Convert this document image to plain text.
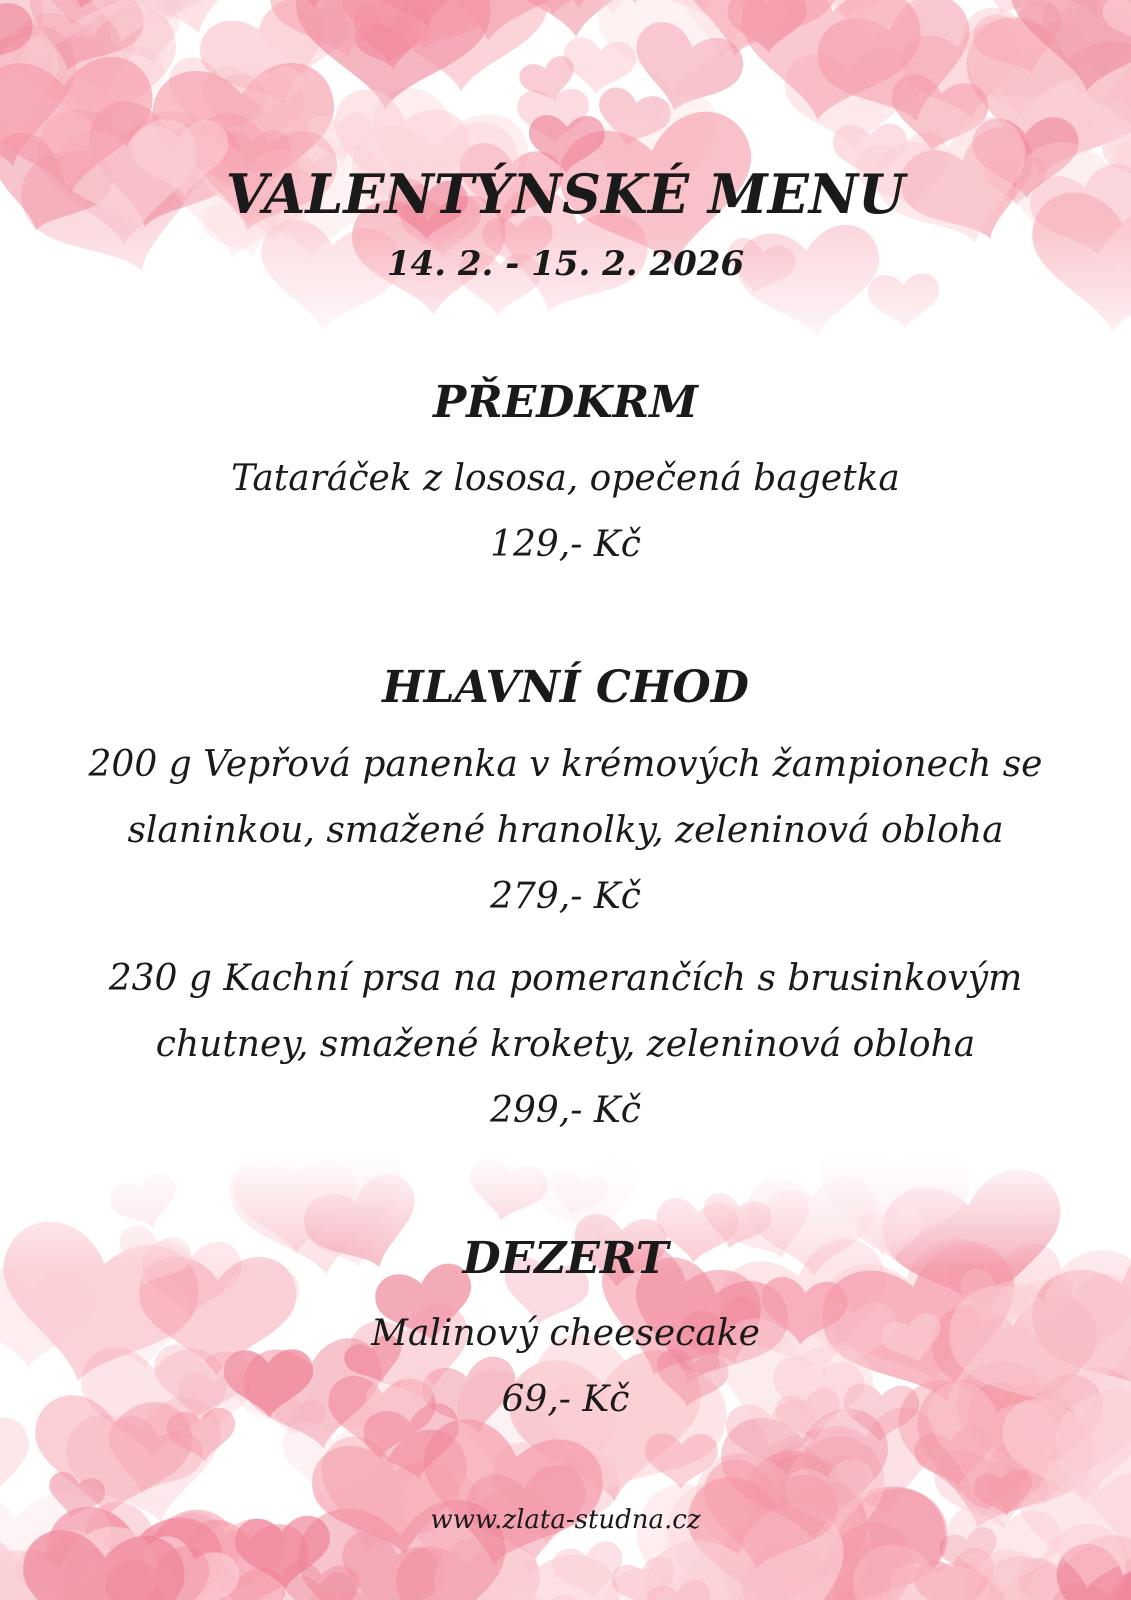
VALENTÝNSKÉ MENU
14. 2. - 15. 2. 2026
PŘEDKRM
Tataráček z lososa, opečená bagetka
129,- Kč
HLAVNÍ CHOD
200 g Vepřová panenka v krémových žampionech se
slaninkou, smažené hranolky, zeleninová obloha
279,- Kč
230 g Kachní prsa na pomerančích s brusinkovým
chutney, smažené krokety, zeleninová obloha
299,- Kč
DEZERT
Malinový cheesecake
69,- Kč
www.zlata-studna.cz
